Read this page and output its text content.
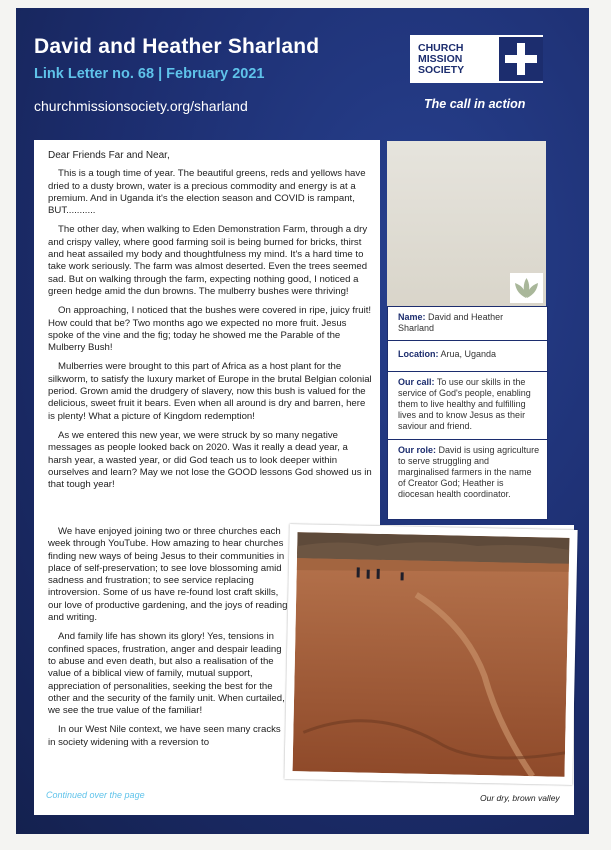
David and Heather Sharland
Link Letter no. 68 | February 2021
churchmissionsociety.org/sharland
CHURCH
MISSION
SOCIETY
The call in action

Dear Friends Far and Near,

This is a tough time of year. The beautiful greens, reds and yellows have dried to a dusty brown, water is a precious commodity and energy is at a premium. And in Uganda it's the election season and COVID is rampant, BUT...........

The other day, when walking to Eden Demonstration Farm, through a dry and crispy valley, where good farming soil is being burned for bricks, thirst and heat assailed my body and thoughtfulness my mind. It's a hard time to take work seriously. The farm was almost deserted. Even the trees seemed sad. But on walking through the farm, expecting nothing good, I noticed a green hedge amid the dun browns. The mulberry bushes were thriving!

On approaching, I noticed that the bushes were covered in ripe, juicy fruit! How could that be? Two months ago we expected no more fruit. Jesus spoke of the vine and the fig; today he showed me the Parable of the Mulberry Bush!

Mulberries were brought to this part of Africa as a host plant for the silkworm, to satisfy the luxury market of Europe in the brutal Belgian colonial period. Grown amid the drudgery of slavery, now this bush is valued for the delicious, sweet fruit it bears. Even when all around is dry and barren, here is plenty! What a picture of Kingdom redemption!

As we entered this new year, we were struck by so many negative messages as people looked back on 2020. Was it really a dead year, a harsh year, a wasted year, or did God teach us to look deeper within ourselves and learn? May we not lose the GOOD lessons God showed us in that tough year!

We have enjoyed joining two or three churches each week through YouTube. How amazing to hear churches finding new ways of being Jesus to their communities in place of self-preservation; to see love blossoming amid sadness and frustration; to see service replacing introversion. Some of us have re-found lost craft skills, our love of productive gardening, and the joys of reading and writing.

And family life has shown its glory! Yes, tensions in confined spaces, frustration, anger and despair leading to abuse and even death, but also a realisation of the value of a biblical view of family, mutual support, appreciation of personalities, seeking the best for the other and the security of the family unit. When curtailed, we see the true value of the familiar!

In our West Nile context, we have seen many cracks in society widening with a reversion to

Continued over the page
Name: David and Heather Sharland
Location: Arua, Uganda
Our call: To use our skills in the service of God's people, enabling them to live healthy and fulfilling lives and to know Jesus as their saviour and friend.
Our role: David is using agriculture to serve struggling and marginalised farmers in the name of Creator God; Heather is diocesan health coordinator.
Our dry, brown valley
